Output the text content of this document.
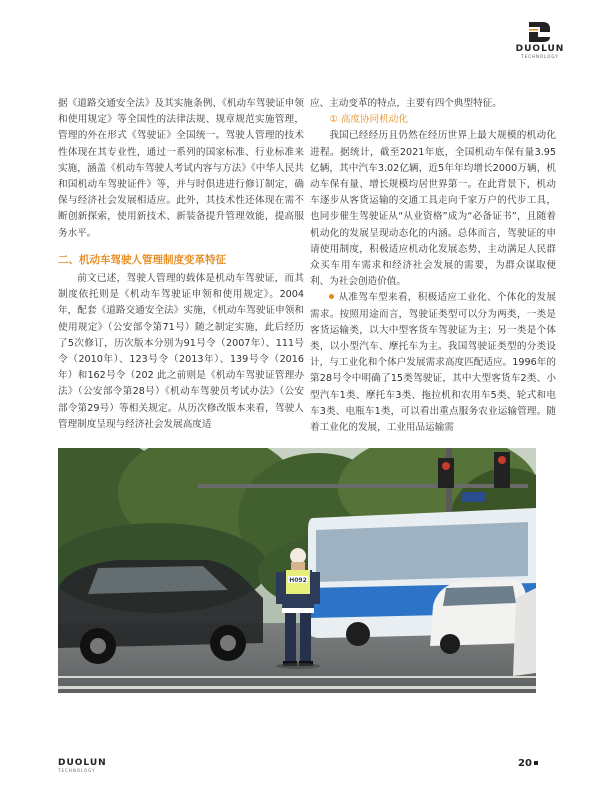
DUOLUN
TECHNOLOGY

据《道路交通安全法》及其实施条例、《机动车驾驶证申领和使用规定》等全国性的法律法规、规章规范实施管理，管理的外在形式《驾驶证》全国统一。驾驶人管理的技术性体现在其专业性，通过一系列的国家标准、行业标准来实施，涵盖《机动车驾驶人考试内容与方法》《中华人民共和国机动车驾驶证件》等，并与时俱进进行修订制定，确保与经济社会发展相适应。此外，其技术性还体现在需不断创新探索，使用新技术、新装备提升管理效能，提高服务水平。

二、机动车驾驶人管理制度变革特征

前文已述，驾驶人管理的载体是机动车驾驶证，而其制度依托则是《机动车驾驶证申领和使用规定》。2004年，配套《道路交通安全法》实施，《机动车驾驶证申领和使用规定》（公安部令第71号）随之制定实施，此后经历了5次修订，历次版本分别为91号令（2007年）、111号令（2010年）、123号令（2013年）、139号令（2016年）和162号令（202 此之前则是《机动车驾驶证管理办法》（公安部令第28号）《机动车驾驶员考试办法》（公安部令第29号）等相关规定。从历次修改版本来看，驾驶人管理制度呈现与经济社会发展高度适

应、主动变革的特点，主要有四个典型特征。

① 高度协同机动化

我国已经经历且仍然在经历世界上最大规模的机动化进程。据统计，截至2021年底，全国机动车保有量3.95亿辆，其中汽车3.02亿辆，近5年年均增长2000万辆，机动车保有量、增长规模均居世界第一。在此背景下，机动车逐步从客货运输的交通工具走向千家万户的代步工具，也同步催生驾驶证从“从业资格”成为“必备证书”，且随着机动化的发展呈现动态化的内涵。总体而言，驾驶证的申请使用制度，积极适应机动化发展态势，主动满足人民群众买车用车需求和经济社会发展的需要，为群众谋取便利、为社会创造价值。

从准驾车型来看，积极适应工业化、个体化的发展需求。按照用途而言，驾驶证类型可以分为两类，一类是客货运输类，以大中型客货车驾驶证为主；另一类是个体类，以小型汽车、摩托车为主。我国驾驶证类型的分类设计，与工业化和个体户发展需求高度匹配适应。1996年的第28号令中明确了15类驾驶证，其中大型客货车2类、小型汽车1类、摩托车3类、拖拉机和农用车5类、轮式和电车3类、电瓶车1类，可以看出重点服务农业运输管理。随着工业化的发展，工业用品运输需

H092
DUOLUN
TECHNOLOGY
20
